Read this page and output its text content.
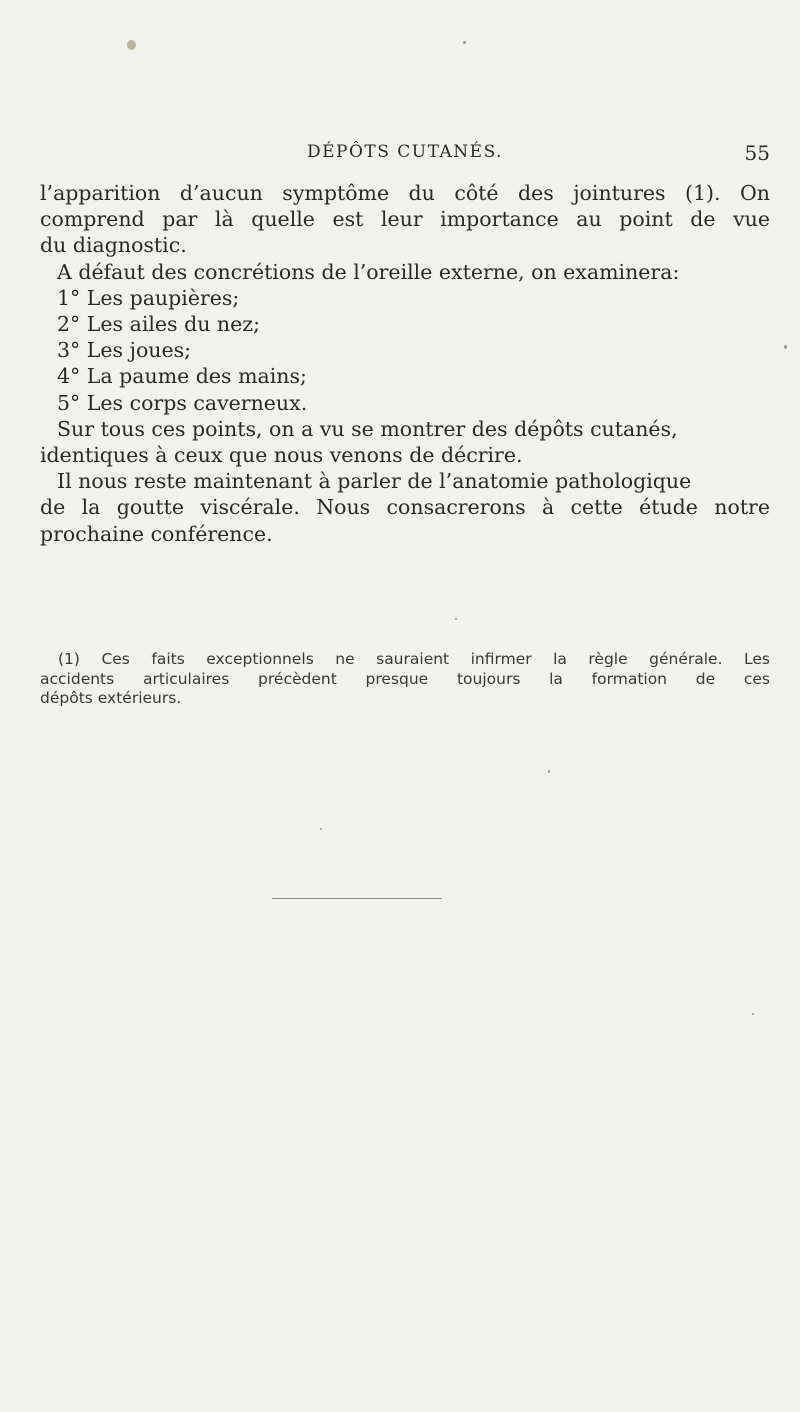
DÉPÔTS CUTANÉS.	55
l’apparition d’aucun symptôme du côté des jointures (1). On
comprend par là quelle est leur importance au point de vue
du diagnostic.
A défaut des concrétions de l’oreille externe, on examinera:
1° Les paupières;
2° Les ailes du nez;
3° Les joues;
4° La paume des mains;
5° Les corps caverneux.
Sur tous ces points, on a vu se montrer des dépôts cutanés,
identiques à ceux que nous venons de décrire.
Il nous reste maintenant à parler de l’anatomie pathologique
de la goutte viscérale. Nous consacrerons à cette étude notre
prochaine conférence.
(1) Ces faits exceptionnels ne sauraient infirmer la règle générale. Les
accidents articulaires précèdent presque toujours la formation de ces
dépôts extérieurs.
